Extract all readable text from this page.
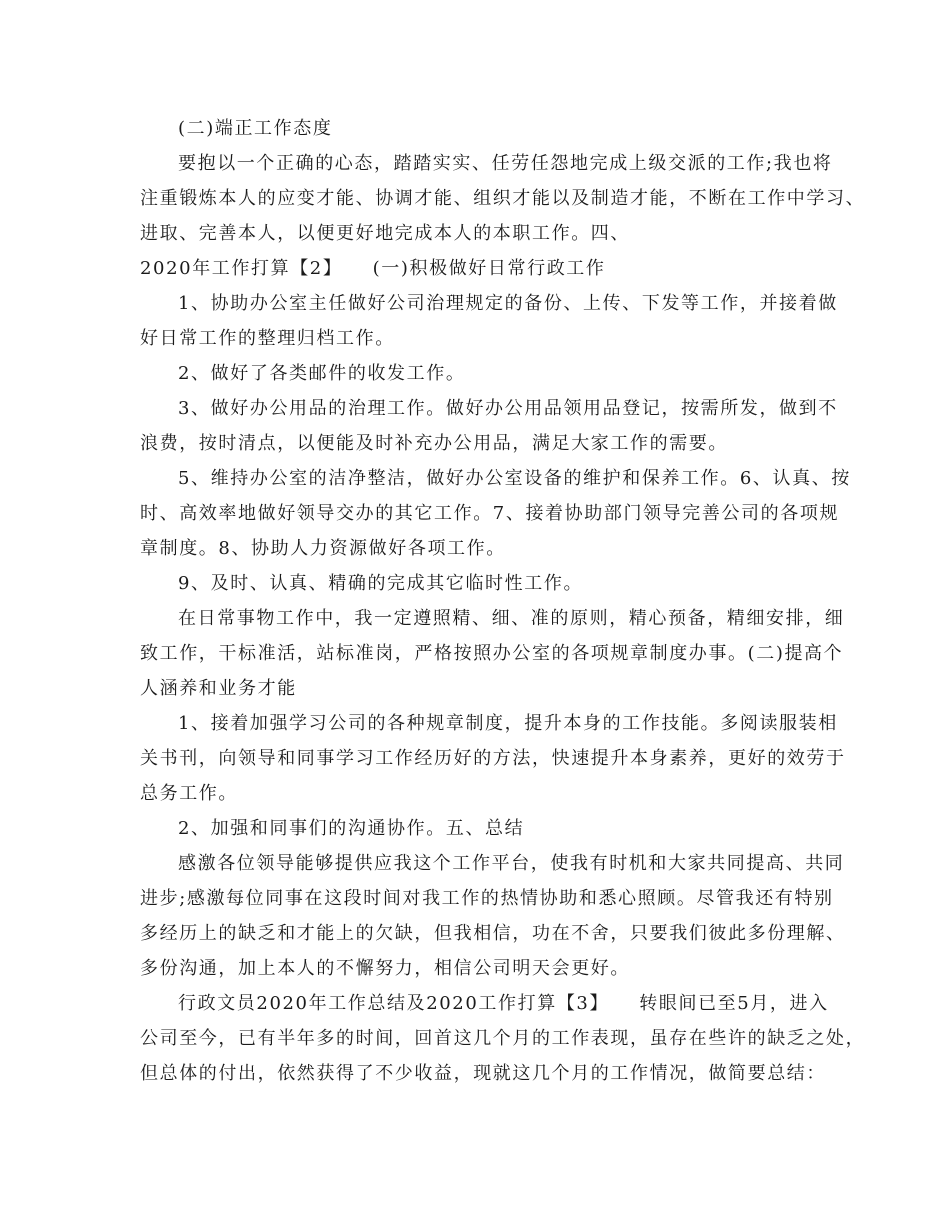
(二)端正工作态度
要抱以一个正确的心态，踏踏实实、任劳任怨地完成上级交派的工作;我也将
注重锻炼本人的应变才能、协调才能、组织才能以及制造才能，不断在工作中学习、
进取、完善本人，以便更好地完成本人的本职工作。四、
2020年工作打算【2】　　(一)积极做好日常行政工作
1、协助办公室主任做好公司治理规定的备份、上传、下发等工作，并接着做
好日常工作的整理归档工作。
2、做好了各类邮件的收发工作。
3、做好办公用品的治理工作。做好办公用品领用品登记，按需所发，做到不
浪费，按时清点，以便能及时补充办公用品，满足大家工作的需要。
5、维持办公室的洁净整洁，做好办公室设备的维护和保养工作。6、认真、按
时、高效率地做好领导交办的其它工作。7、接着协助部门领导完善公司的各项规
章制度。8、协助人力资源做好各项工作。
9、及时、认真、精确的完成其它临时性工作。
在日常事物工作中，我一定遵照精、细、准的原则，精心预备，精细安排，细
致工作，干标准活，站标准岗，严格按照办公室的各项规章制度办事。(二)提高个
人涵养和业务才能
1、接着加强学习公司的各种规章制度，提升本身的工作技能。多阅读服装相
关书刊，向领导和同事学习工作经历好的方法，快速提升本身素养，更好的效劳于
总务工作。
2、加强和同事们的沟通协作。五、总结
感激各位领导能够提供应我这个工作平台，使我有时机和大家共同提高、共同
进步;感激每位同事在这段时间对我工作的热情协助和悉心照顾。尽管我还有特别
多经历上的缺乏和才能上的欠缺，但我相信，功在不舍，只要我们彼此多份理解、
多份沟通，加上本人的不懈努力，相信公司明天会更好。
行政文员2020年工作总结及2020工作打算【3】　　转眼间已至5月，进入
公司至今，已有半年多的时间，回首这几个月的工作表现，虽存在些许的缺乏之处，
但总体的付出，依然获得了不少收益，现就这几个月的工作情况，做简要总结：
